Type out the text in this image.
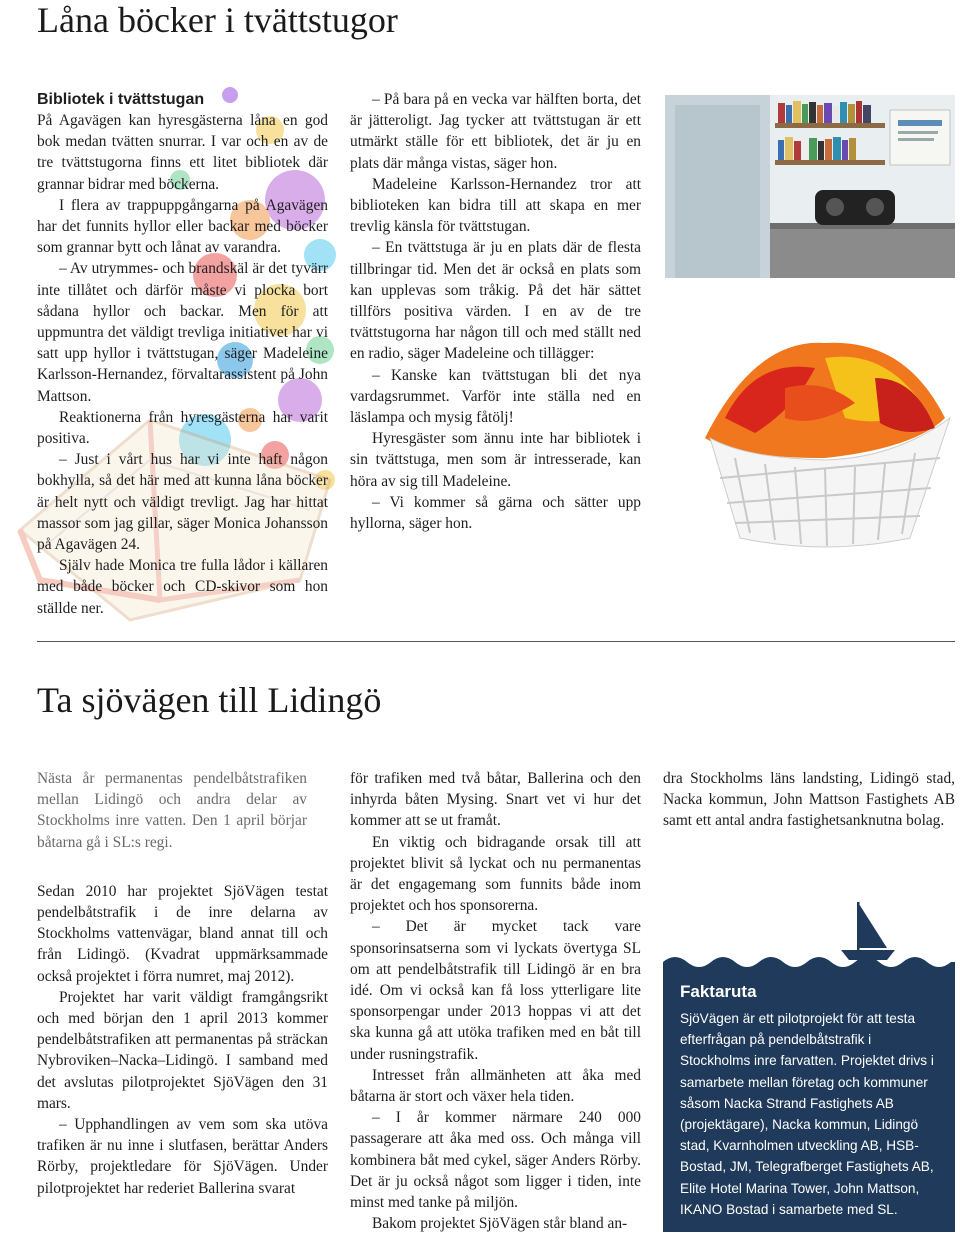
Låna böcker i tvättstugor
Bibliotek i tvättstugan

På Agavägen kan hyresgästerna låna en god bok medan tvätten snurrar. I var och en av de tre tvättstugorna finns ett litet bibliotek där grannar bidrar med böckerna.

I flera av trappuppgångarna på Agavägen har det funnits hyllor eller backar med böcker som grannar bytt och lånat av varandra.

– Av utrymmes- och brandskäl är det tyvärr inte tillåtet och därför måste vi plocka bort sådana hyllor och backar. Men för att uppmuntra det väldigt trevliga initiativet har vi satt upp hyllor i tvättstugan, säger Madeleine Karlsson-Hernandez, förvaltarassistent på John Mattson.

Reaktionerna från hyresgästerna har varit positiva.

– Just i vårt hus har vi inte haft någon bokhylla, så det här med att kunna låna böcker är helt nytt och väldigt trevligt. Jag har hittat massor som jag gillar, säger Monica Johansson på Agavägen 24.

Själv hade Monica tre fulla lådor i källaren med både böcker och CD-skivor som hon ställde ner.

– På bara på en vecka var hälften borta, det är jätteroligt. Jag tycker att tvättstugan är ett utmärkt ställe för ett bibliotek, det är ju en plats där många vistas, säger hon.

Madeleine Karlsson-Hernandez tror att biblioteken kan bidra till att skapa en mer trevlig känsla för tvättstugan.

– En tvättstuga är ju en plats där de flesta tillbringar tid. Men det är också en plats som kan upplevas som tråkig. På det här sättet tillförs positiva värden. I en av de tre tvättstugorna har någon till och med ställt ned en radio, säger Madeleine och tillägger:

– Kanske kan tvättstugan bli det nya vardagsrummet. Varför inte ställa ned en läslampa och mysig fåtölj!

Hyresgäster som ännu inte har bibliotek i sin tvättstuga, men som är intresserade, kan höra av sig till Madeleine.

– Vi kommer så gärna och sätter upp hyllorna, säger hon.

Ta sjövägen till Lidingö

Nästa år permanentas pendelbåtstrafiken mellan Lidingö och andra delar av Stockholms inre vatten. Den 1 april börjar båtarna gå i SL:s regi.

Sedan 2010 har projektet SjöVägen testat pendelbåtstrafik i de inre delarna av Stockholms vattenvägar, bland annat till och från Lidingö. (Kvadrat uppmärksammade också projektet i förra numret, maj 2012).

Projektet har varit väldigt framgångsrikt och med början den 1 april 2013 kommer pendelbåtstrafiken att permanentas på sträckan Nybroviken–Nacka–Lidingö. I samband med det avslutas pilotprojektet SjöVägen den 31 mars.

– Upphandlingen av vem som ska utöva trafiken är nu inne i slutfasen, berättar Anders Rörby, projektledare för SjöVägen. Under pilotprojektet har rederiet Ballerina svarat

för trafiken med två båtar, Ballerina och den inhyrda båten Mysing. Snart vet vi hur det kommer att se ut framåt.

En viktig och bidragande orsak till att projektet blivit så lyckat och nu permanentas är det engagemang som funnits både inom projektet och hos sponsorerna.

– Det är mycket tack vare sponsorinsatserna som vi lyckats övertyga SL om att pendelbåtstrafik till Lidingö är en bra idé. Om vi också kan få loss ytterligare lite sponsorpengar under 2013 hoppas vi att det ska kunna gå att utöka trafiken med en båt till under rusningstrafik.

Intresset från allmänheten att åka med båtarna är stort och växer hela tiden.

– I år kommer närmare 240 000 passagerare att åka med oss. Och många vill kombinera båt med cykel, säger Anders Rörby. Det är ju också något som ligger i tiden, inte minst med tanke på miljön.

Bakom projektet SjöVägen står bland an-

dra Stockholms läns landsting, Lidingö stad, Nacka kommun, John Mattson Fastighets AB samt ett antal andra fastighetsanknutna bolag.

Faktaruta

SjöVägen är ett pilotprojekt för att testa efterfrågan på pendelbåtstrafik i Stockholms inre farvatten. Projektet drivs i samarbete mellan företag och kommuner såsom Nacka Strand Fastighets AB (projektägare), Nacka kommun, Lidingö stad, Kvarnholmen utveckling AB, HSB-Bostad, JM, Telegrafberget Fastighets AB, Elite Hotel Marina Tower, John Mattson, IKANO Bostad i samarbete med SL.
